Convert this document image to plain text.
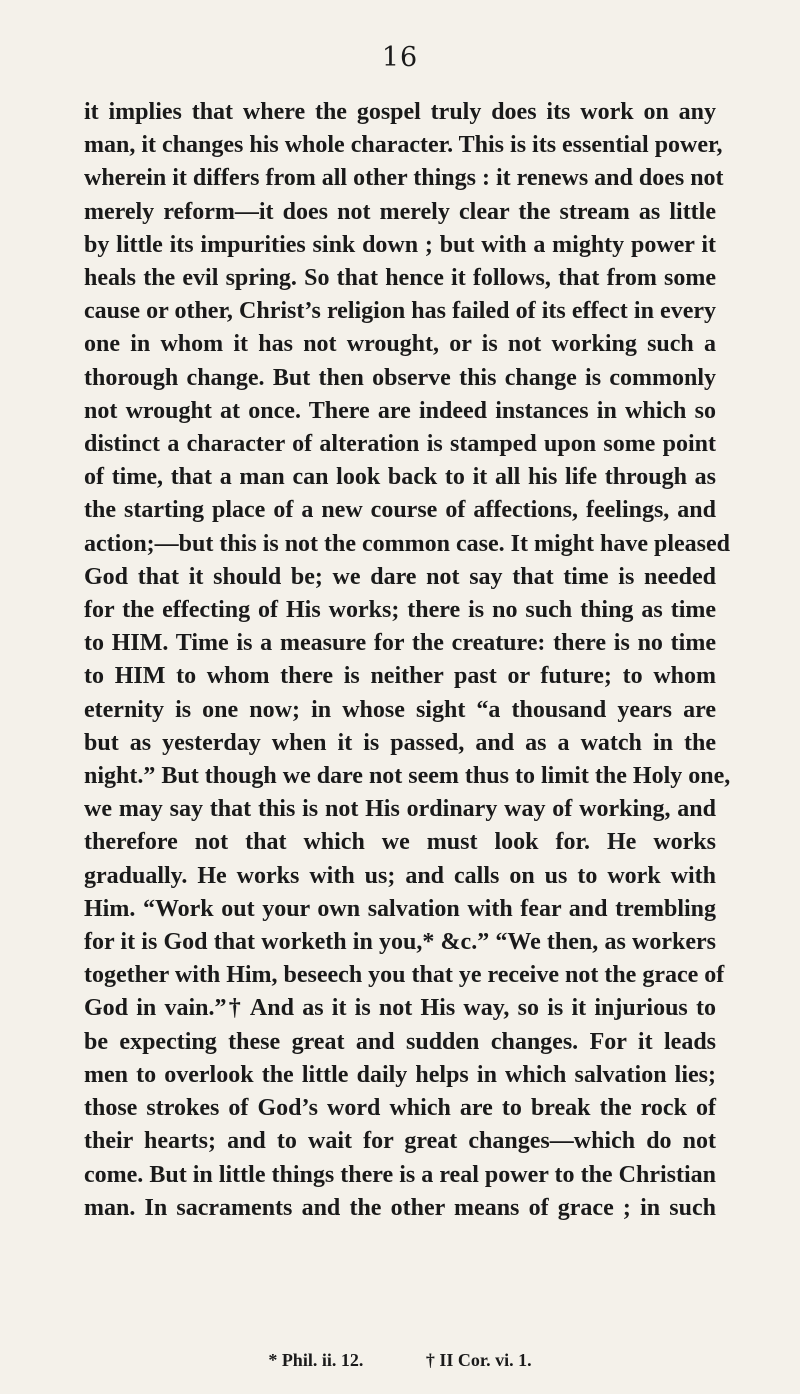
16
it implies that where the gospel truly does its work on any
man, it changes his whole character. This is its essential power,
wherein it differs from all other things : it renews and does not
merely reform—it does not merely clear the stream as little
by little its impurities sink down ; but with a mighty power it
heals the evil spring. So that hence it follows, that from some
cause or other, Christ’s religion has failed of its effect in every
one in whom it has not wrought, or is not working such a
thorough change. But then observe this change is commonly
not wrought at once. There are indeed instances in which so
distinct a character of alteration is stamped upon some point
of time, that a man can look back to it all his life through as
the starting place of a new course of affections, feelings, and
action;—but this is not the common case. It might have pleased
God that it should be; we dare not say that time is needed
for the effecting of His works; there is no such thing as time
to HIM. Time is a measure for the creature: there is no time
to HIM to whom there is neither past or future; to whom
eternity is one now; in whose sight “a thousand years are
but as yesterday when it is passed, and as a watch in the
night.” But though we dare not seem thus to limit the Holy one,
we may say that this is not His ordinary way of working, and
therefore not that which we must look for. He works
gradually. He works with us; and calls on us to work with
Him. “Work out your own salvation with fear and trembling
for it is God that worketh in you,* &c.” “We then, as workers
together with Him, beseech you that ye receive not the grace of
God in vain.”† And as it is not His way, so is it injurious to
be expecting these great and sudden changes. For it leads
men to overlook the little daily helps in which salvation lies;
those strokes of God’s word which are to break the rock of
their hearts; and to wait for great changes—which do not
come. But in little things there is a real power to the Christian
man. In sacraments and the other means of grace ; in such
* Phil. ii. 12.	† II Cor. vi. 1.
